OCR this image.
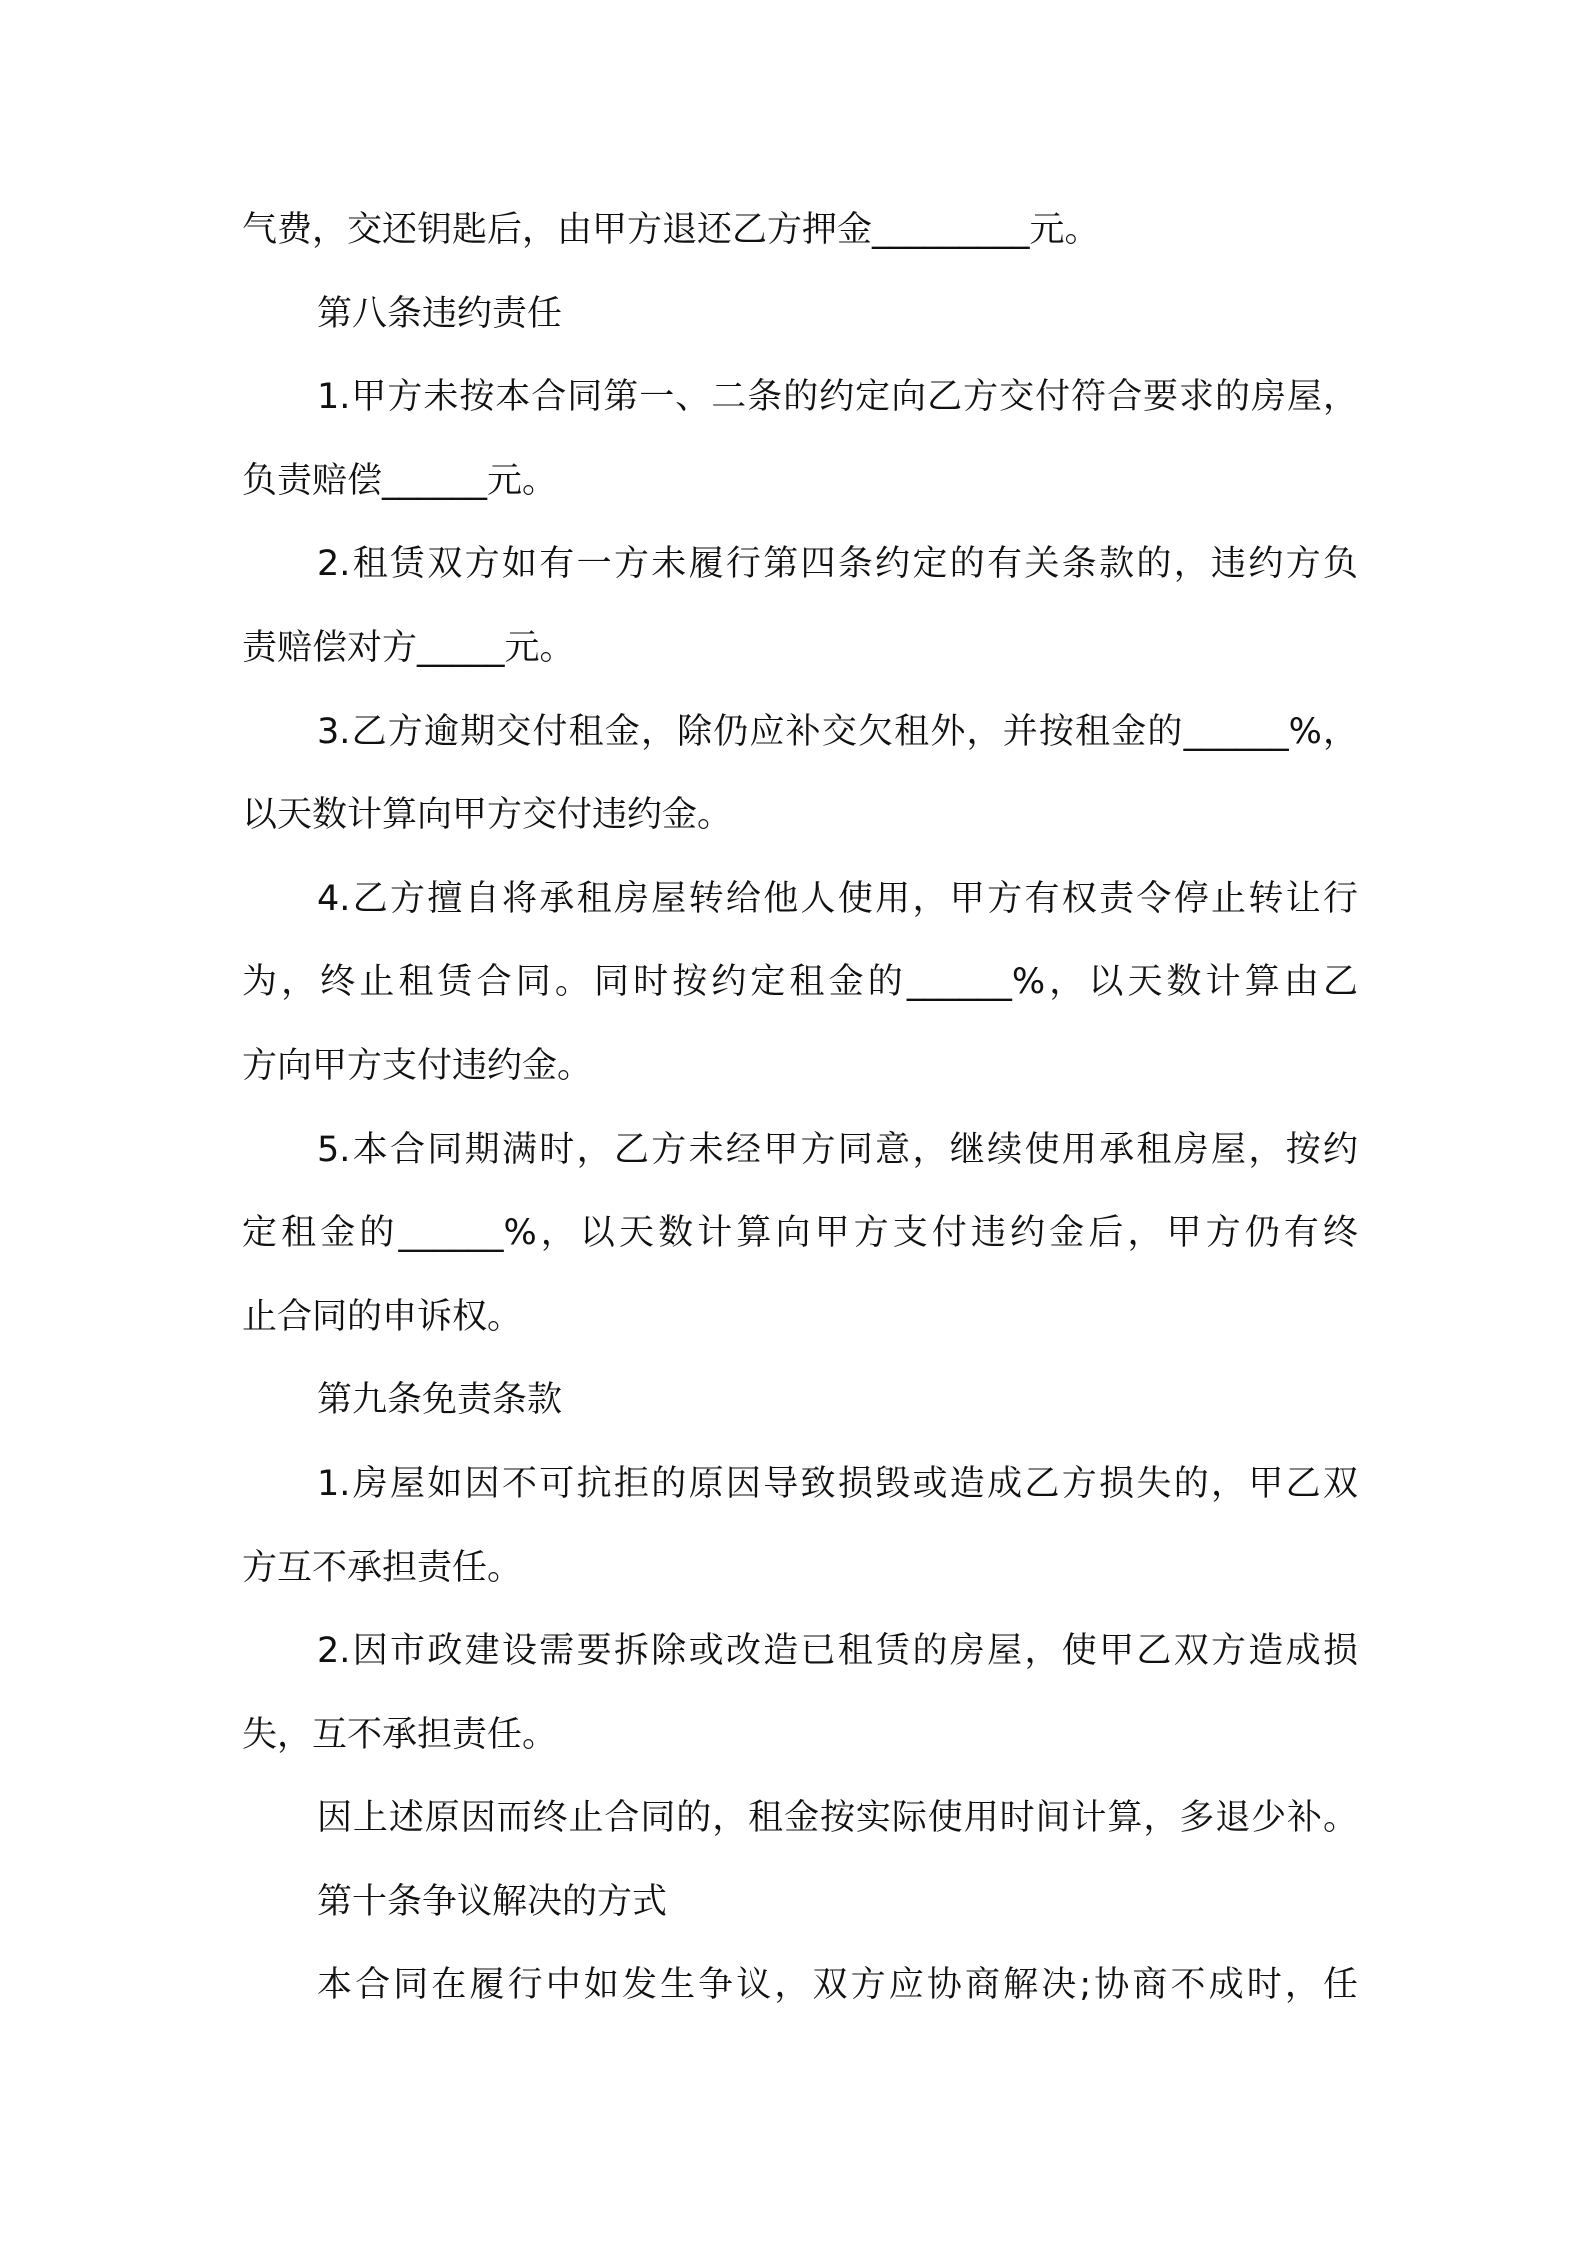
气费，交还钥匙后，由甲方退还乙方押金_________元。
第八条违约责任
1.甲方未按本合同第一、二条的约定向乙方交付符合要求的房屋，
负责赔偿______元。
2.租赁双方如有一方未履行第四条约定的有关条款的，违约方负
责赔偿对方_____元。
3.乙方逾期交付租金，除仍应补交欠租外，并按租金的______%，
以天数计算向甲方交付违约金。
4.乙方擅自将承租房屋转给他人使用，甲方有权责令停止转让行
为，终止租赁合同。同时按约定租金的______%，以天数计算由乙
方向甲方支付违约金。
5.本合同期满时，乙方未经甲方同意，继续使用承租房屋，按约
定租金的______%，以天数计算向甲方支付违约金后，甲方仍有终
止合同的申诉权。
第九条免责条款
1.房屋如因不可抗拒的原因导致损毁或造成乙方损失的，甲乙双
方互不承担责任。
2.因市政建设需要拆除或改造已租赁的房屋，使甲乙双方造成损
失，互不承担责任。
因上述原因而终止合同的，租金按实际使用时间计算，多退少补。
第十条争议解决的方式
本合同在履行中如发生争议，双方应协商解决;协商不成时，任
